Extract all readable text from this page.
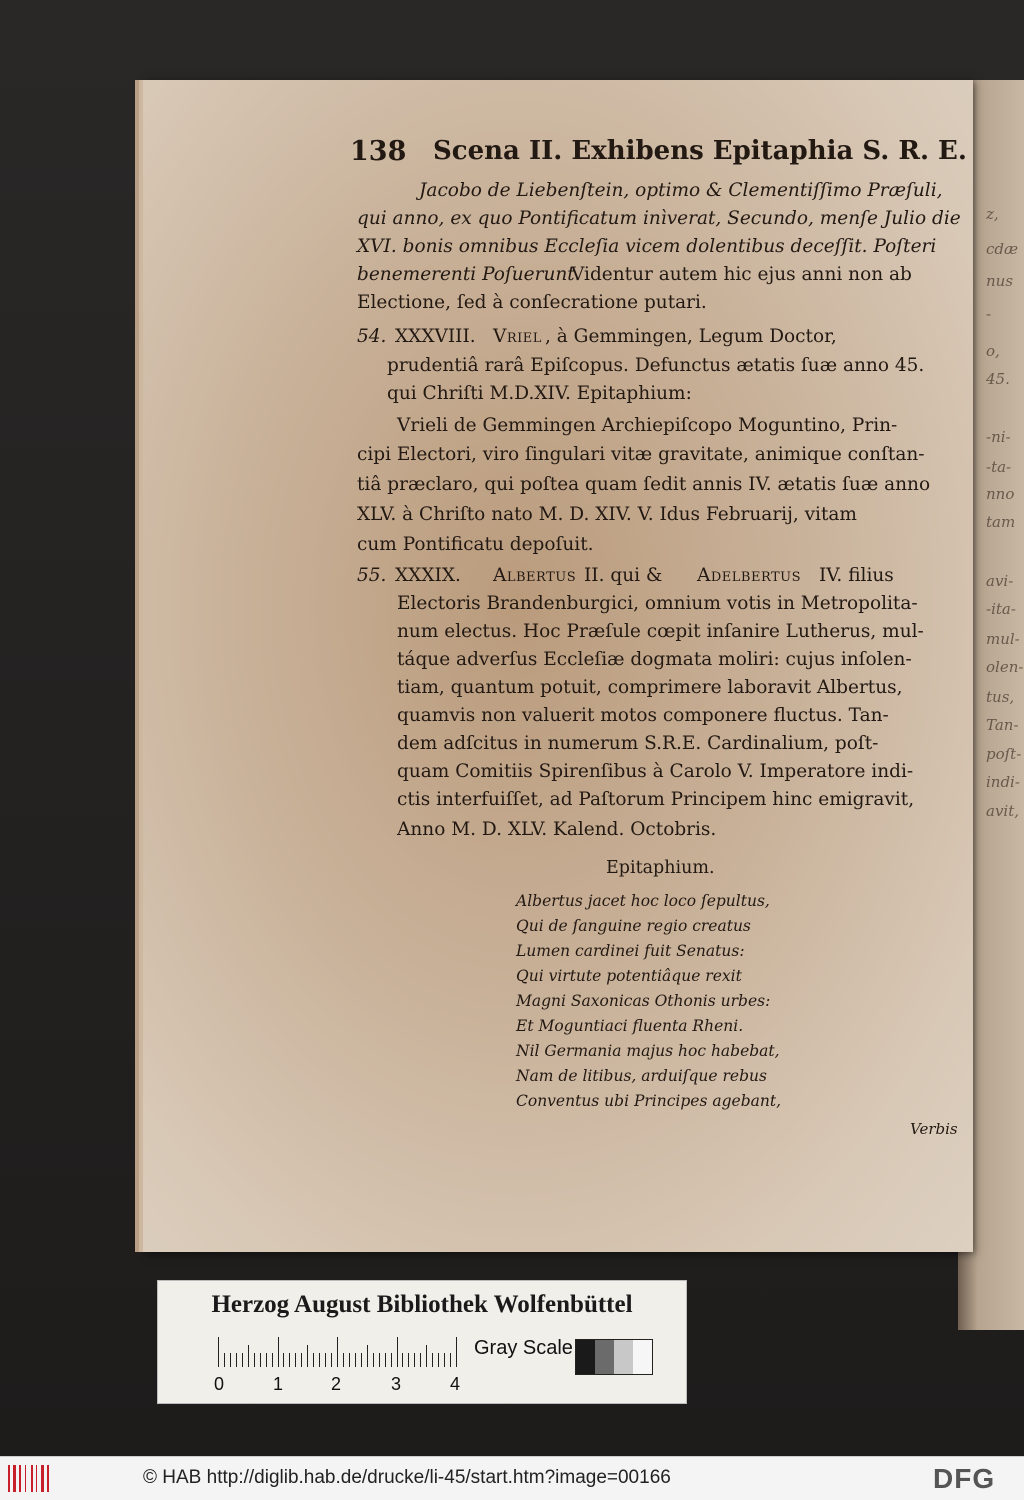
z,
cdæ
nus
-
o,
45.
-ni-
-ta-
nno
tam
avi-
-ita-
mul-
olen-
tus,
Tan-
poſt-
indi-
avit,
138 Scena II. Exhibens Epitaphia S. R. E.
Jacobo de Liebenſtein, optimo & Clementiſſimo Præſuli,
qui anno, ex quo Pontificatum inìverat, Secundo, menſe Julio die
XVI. bonis omnibus Eccleſia vicem dolentibus deceſſit. Poſteri
benemerenti Poſuerunt.
Videntur autem hic ejus anni non ab
Electione, ſed à conſecratione putari.
54. XXXVIII. Vriel , à Gemmingen, Legum Doctor,
prudentiâ rarâ Epiſcopus. Defunctus ætatis ſuæ anno 45.
qui Chriſti M.D.XIV. Epitaphium:
Vrieli de Gemmingen Archiepiſcopo Moguntino, Prin-
cipi Electori, viro ſingulari vitæ gravitate, animique conſtan-
tiâ præclaro, qui poſtea quam ſedit annis IV. ætatis ſuæ anno
XLV. à Chriſto nato M. D. XIV. V. Idus Februarij, vitam
cum Pontificatu depoſuit.
55. XXXIX. Albertus II. qui & Adelbertus IV. filius
Electoris Brandenburgici, omnium votis in Metropolita-
num electus. Hoc Præſule cœpit inſanire Lutherus, mul-
táque adverſus Eccleſiæ dogmata moliri: cujus inſolen-
tiam, quantum potuit, comprimere laboravit Albertus,
quamvis non valuerit motos componere fluctus. Tan-
dem adſcitus in numerum S.R.E. Cardinalium, poſt-
quam Comitiis Spirenſibus à Carolo V. Imperatore indi-
ctis interfuiſſet, ad Paſtorum Principem hinc emigravit,
Anno M. D. XLV. Kalend. Octobris.
Epitaphium.
Albertus jacet hoc loco ſepultus,
Qui de ſanguine regio creatus
Lumen cardinei fuit Senatus:
Qui virtute potentiâque rexit
Magni Saxonicas Othonis urbes:
Et Moguntiaci fluenta Rheni.
Nil Germania majus hoc habebat,
Nam de litibus, arduiſque rebus
Conventus ubi Principes agebant,
Verbis
Herzog August Bibliothek Wolfenbüttel
0	1	2	3	4
Gray Scale
© HAB http://diglib.hab.de/drucke/li-45/start.htm?image=00166	DFG
